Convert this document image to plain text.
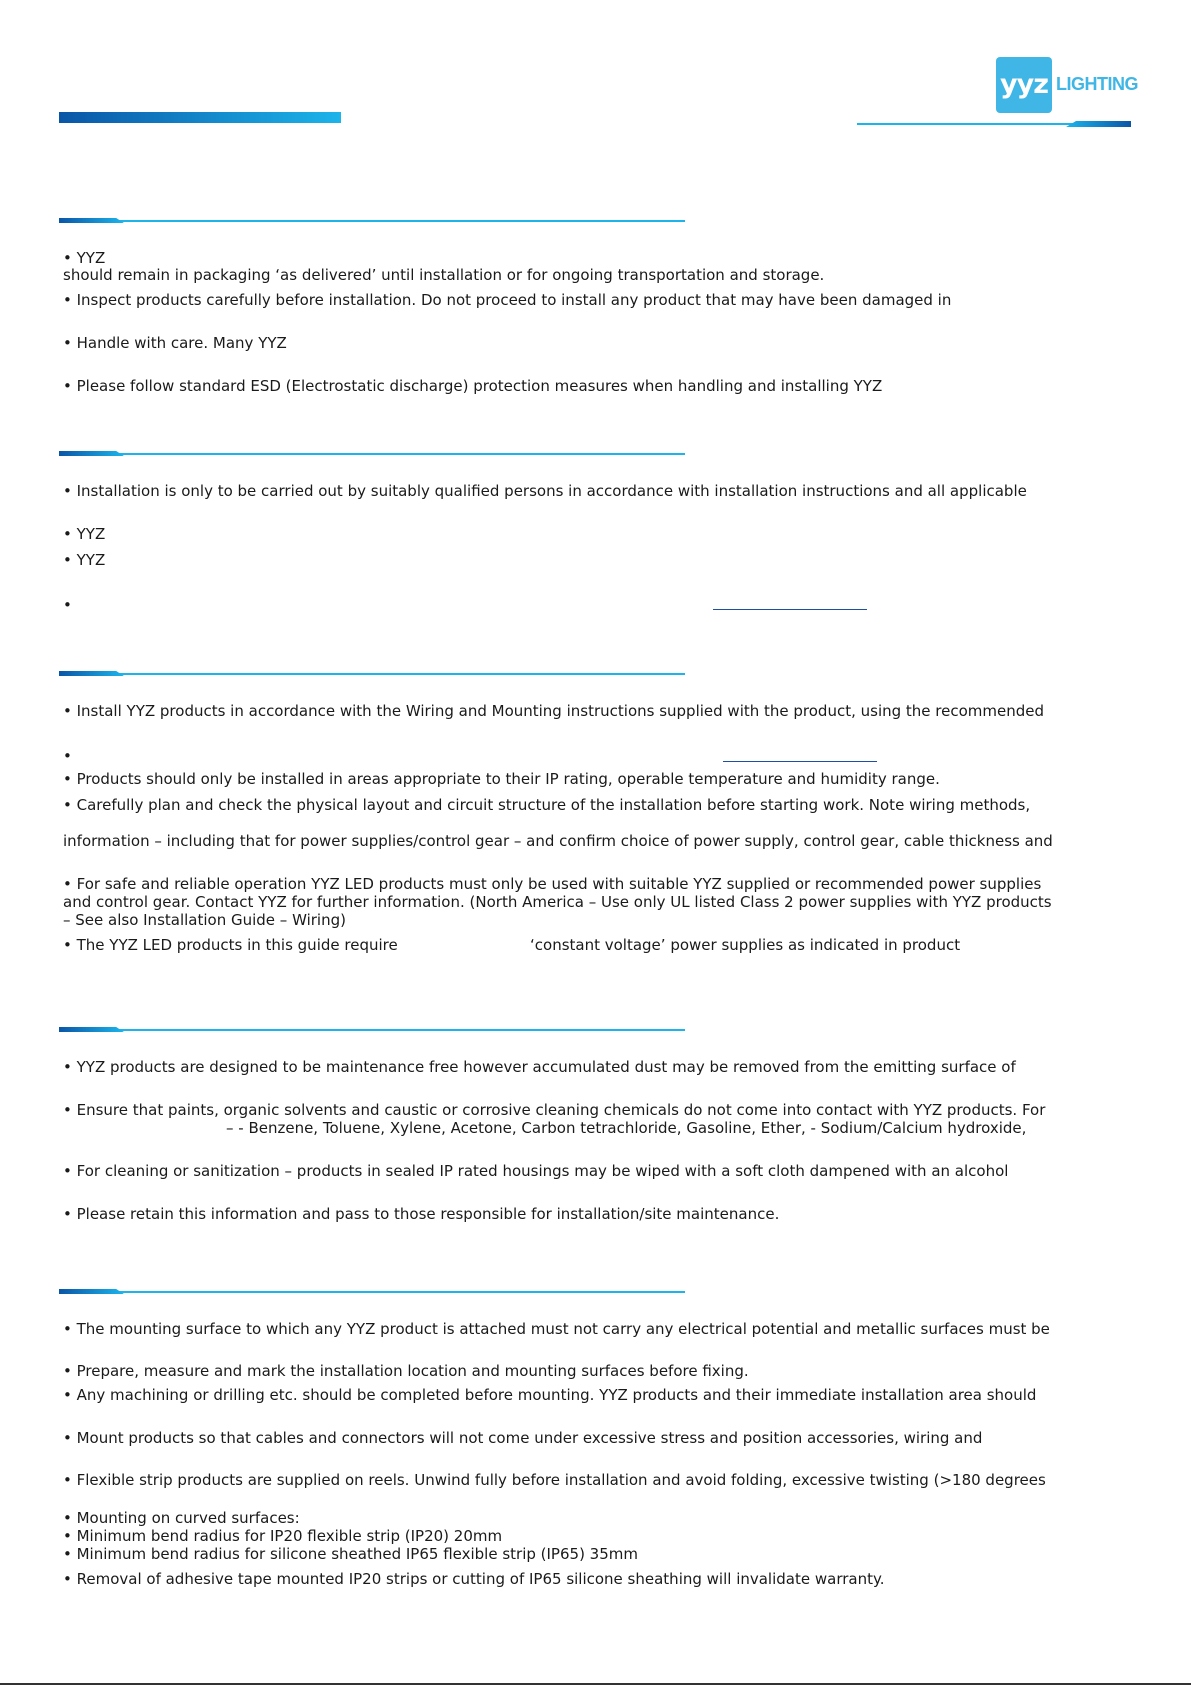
yyz LIGHTING
• YYZ
should remain in packaging ‘as delivered’ until installation or for ongoing transportation and storage.
• Inspect products carefully before installation. Do not proceed to install any product that may have been damaged in
• Handle with care. Many YYZ
• Please follow standard ESD (Electrostatic discharge) protection measures when handling and installing YYZ
• Installation is only to be carried out by suitably qualified persons in accordance with installation instructions and all applicable
• YYZ
• YYZ
•
• Install YYZ products in accordance with the Wiring and Mounting instructions supplied with the product, using the recommended
•
• Products should only be installed in areas appropriate to their IP rating, operable temperature and humidity range.
• Carefully plan and check the physical layout and circuit structure of the installation before starting work. Note wiring methods,
information – including that for power supplies/control gear – and confirm choice of power supply, control gear, cable thickness and
• For safe and reliable operation YYZ LED products must only be used with suitable YYZ supplied or recommended power supplies
and control gear. Contact YYZ for further information. (North America – Use only UL listed Class 2 power supplies with YYZ products
– See also Installation Guide – Wiring)
• The YYZ LED products in this guide require	‘constant voltage’ power supplies as indicated in product
• YYZ products are designed to be maintenance free however accumulated dust may be removed from the emitting surface of
• Ensure that paints, organic solvents and caustic or corrosive cleaning chemicals do not come into contact with YYZ products. For
– - Benzene, Toluene, Xylene, Acetone, Carbon tetrachloride, Gasoline, Ether, - Sodium/Calcium hydroxide,
• For cleaning or sanitization – products in sealed IP rated housings may be wiped with a soft cloth dampened with an alcohol
• Please retain this information and pass to those responsible for installation/site maintenance.
• The mounting surface to which any YYZ product is attached must not carry any electrical potential and metallic surfaces must be
• Prepare, measure and mark the installation location and mounting surfaces before fixing.
• Any machining or drilling etc. should be completed before mounting. YYZ products and their immediate installation area should
• Mount products so that cables and connectors will not come under excessive stress and position accessories, wiring and
• Flexible strip products are supplied on reels. Unwind fully before installation and avoid folding, excessive twisting (>180 degrees
• Mounting on curved surfaces:
• Minimum bend radius for IP20 flexible strip (IP20) 20mm
• Minimum bend radius for silicone sheathed IP65 flexible strip (IP65) 35mm
• Removal of adhesive tape mounted IP20 strips or cutting of IP65 silicone sheathing will invalidate warranty.
